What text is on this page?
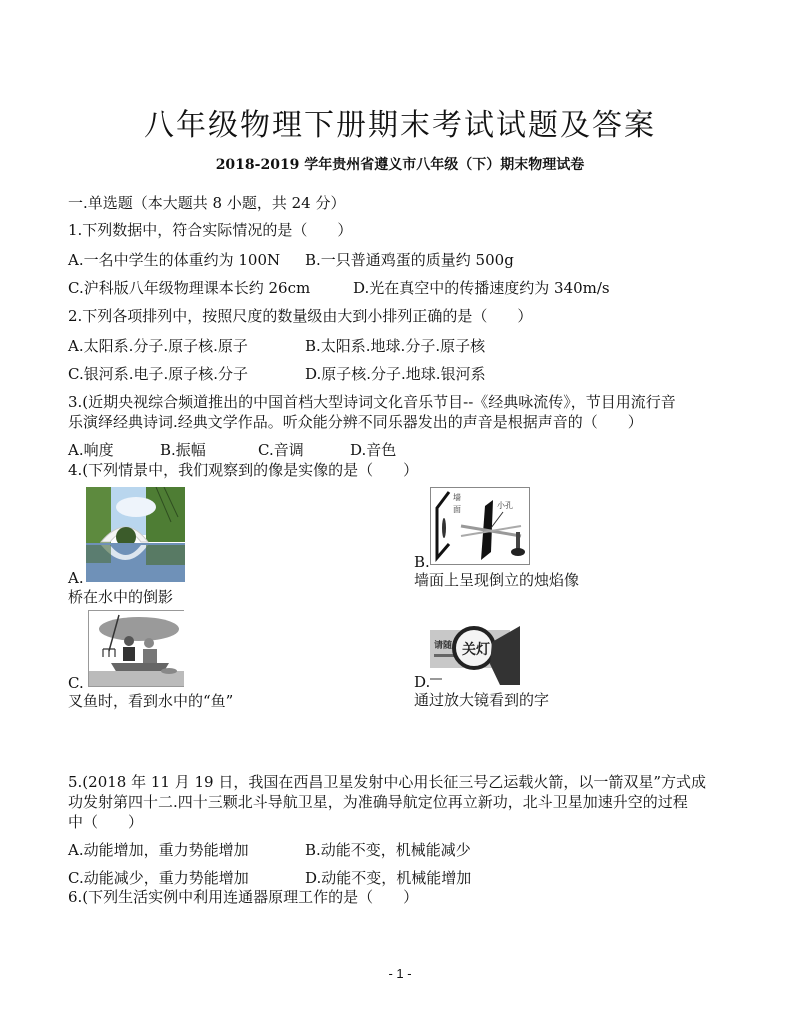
八年级物理下册期末考试试题及答案
2018-2019 学年贵州省遵义市八年级（下）期末物理试卷
一.单选题（本大题共 8 小题，共 24 分）
1.下列数据中，符合实际情况的是（　　）
A.一名中学生的体重约为 100N B.一只普通鸡蛋的质量约 500g
C.沪科版八年级物理课本长约 26cm	D.光在真空中的传播速度约为 340m/s
2.下列各项排列中，按照尺度的数量级由大到小排列正确的是（　　）
A.太阳系.分子.原子核.原子	B.太阳系.地球.分子.原子核
C.银河系.电子.原子核.分子	D.原子核.分子.地球.银河系
3.(近期央视综合频道推出的中国首档大型诗词文化音乐节目--《经典咏流传》，节目用流行音
乐演绎经典诗词.经典文学作品。听众能分辨不同乐器发出的声音是根据声音的（　　）
A.响度	B.振幅	C.音调	D.音色
4.(下列情景中，我们观察到的像是实像的是（　　）
A.
桥在水中的倒影
墙
面	小孔
B.
墙面上呈现倒立的烛焰像
C.
叉鱼时，看到水中的“鱼”
请随 关灯
D.
通过放大镜看到的字
5.(2018 年 11 月 19 日，我国在西昌卫星发射中心用长征三号乙运载火箭，以一箭双星”方式成
功发射第四十二.四十三颗北斗导航卫星，为准确导航定位再立新功，北斗卫星加速升空的过程
中（　　）
A.动能增加，重力势能增加	B.动能不变，机械能减少
C.动能减少，重力势能增加	D.动能不变，机械能增加
6.(下列生活实例中利用连通器原理工作的是（　　）
- 1 -
